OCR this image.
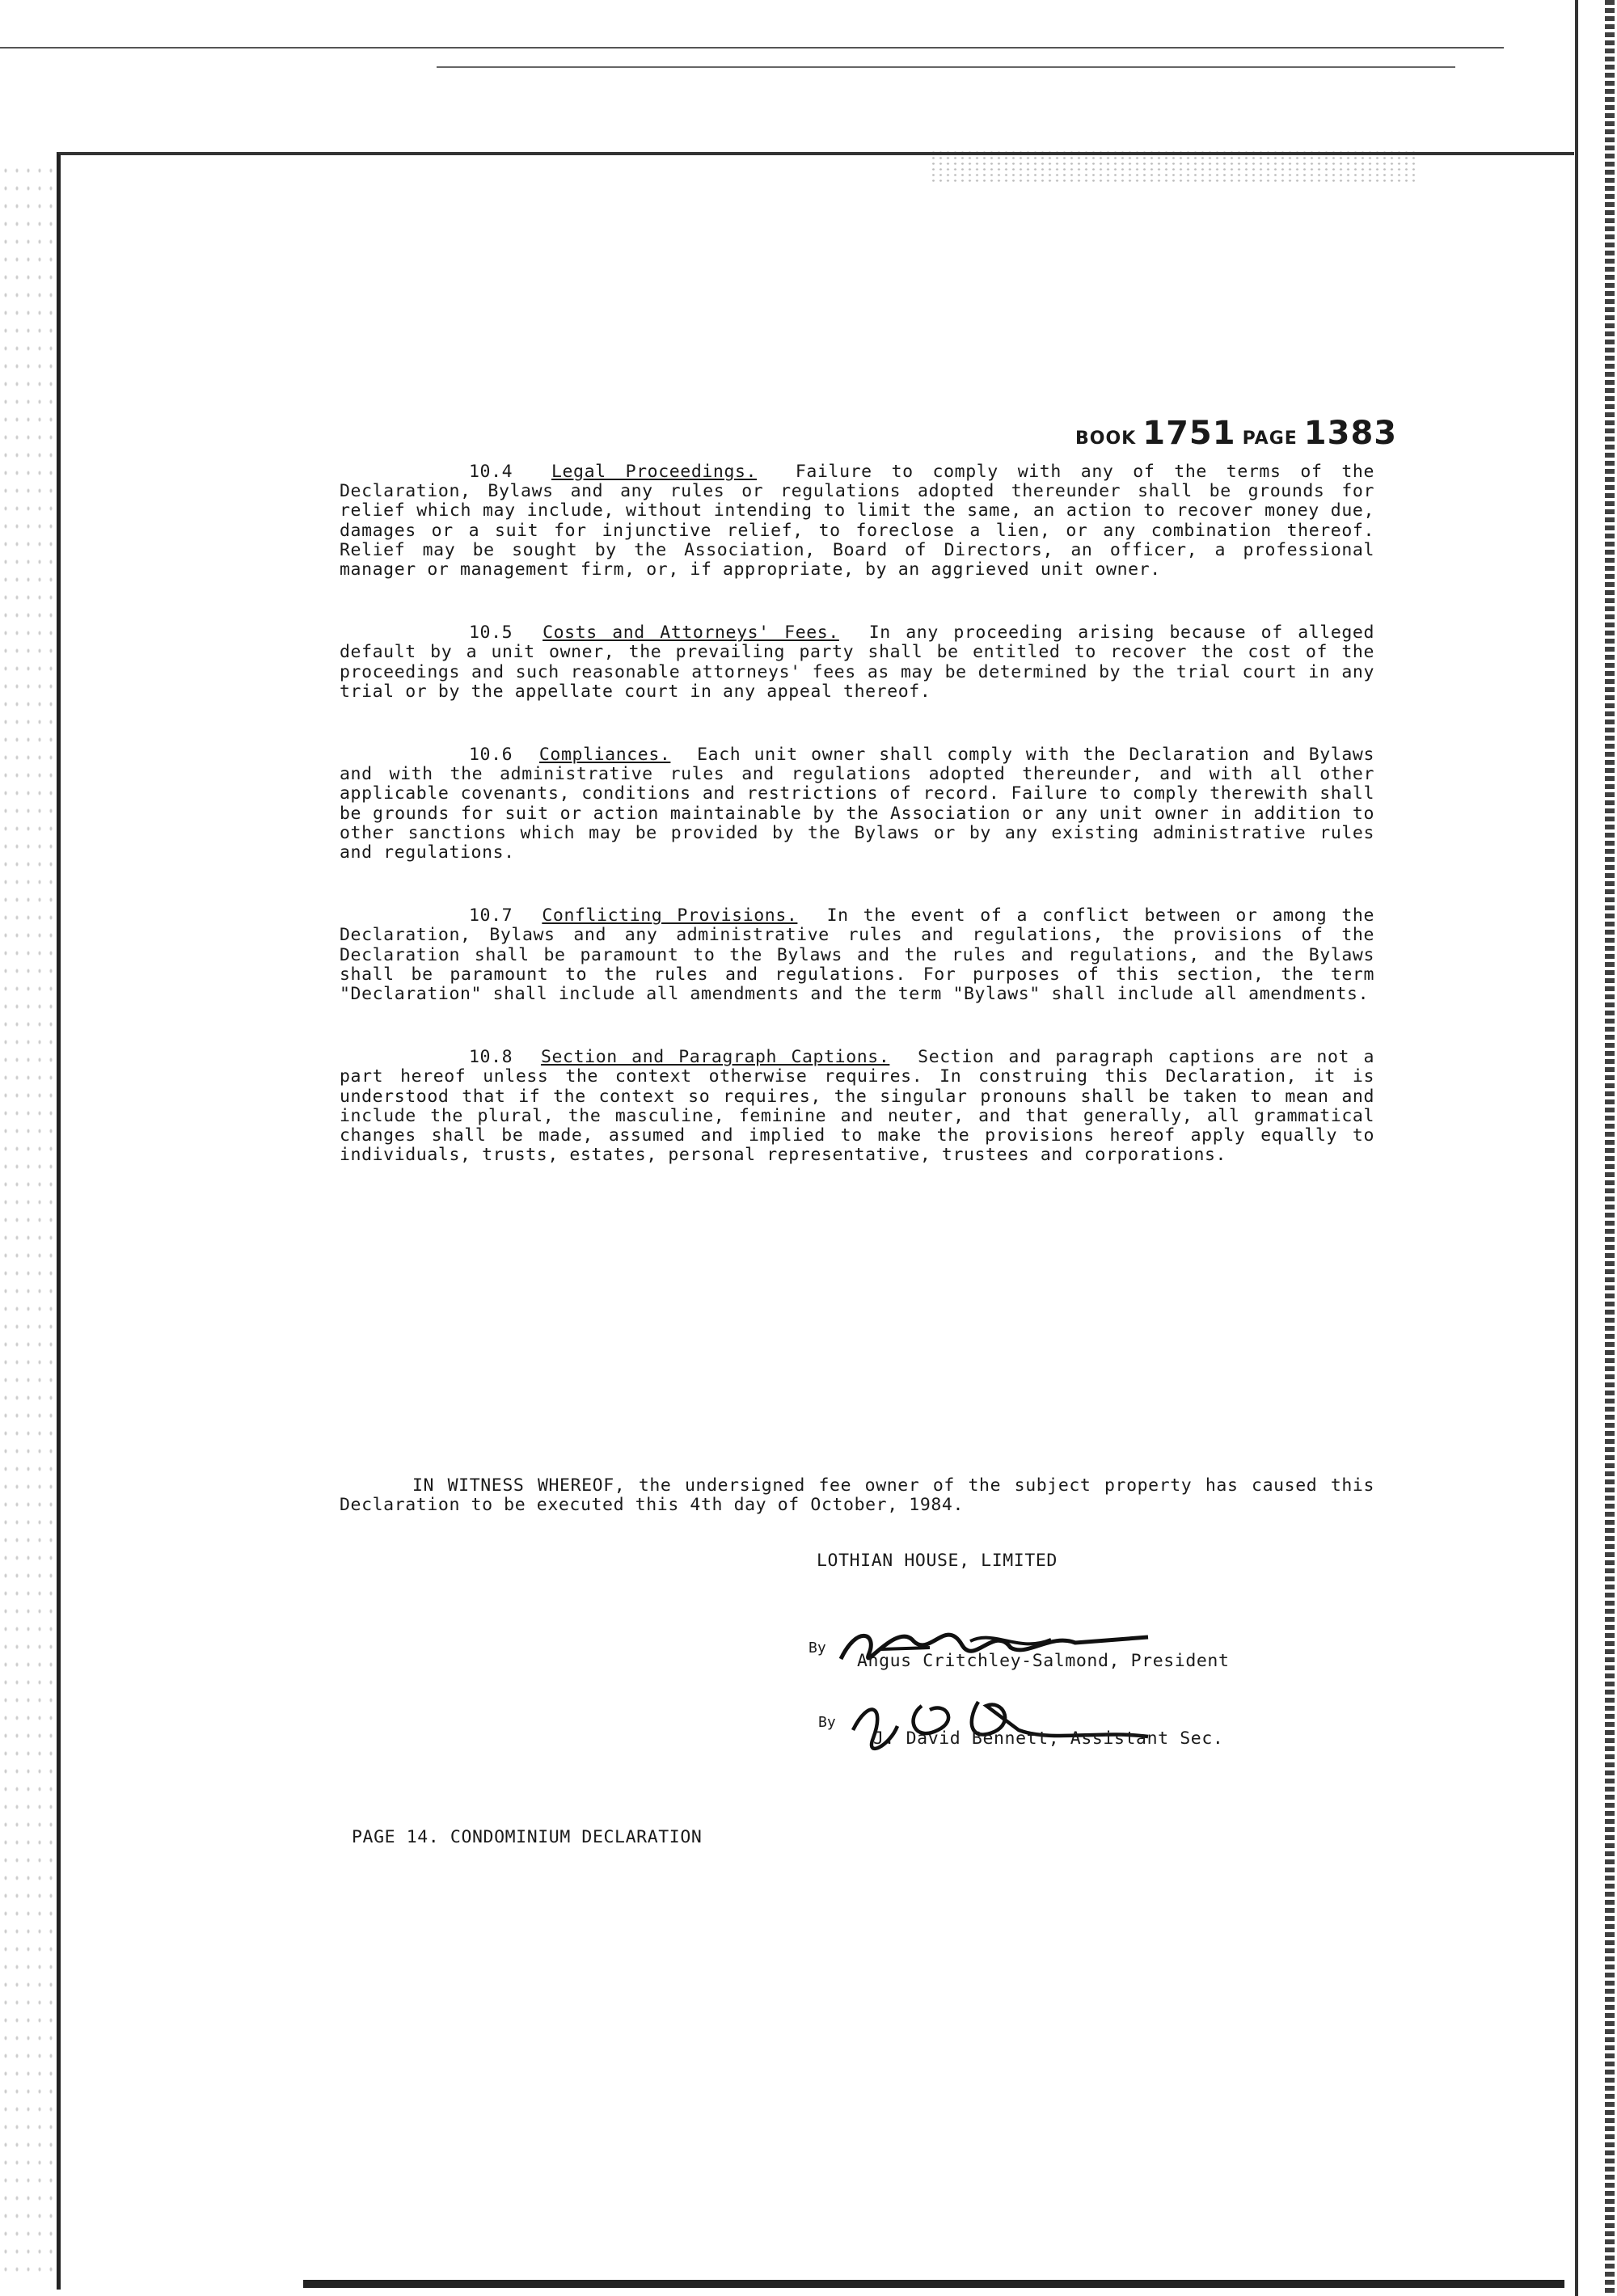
BOOK 1751 PAGE 1383

10.4 Legal Proceedings. Failure to comply with any of the terms of the Declaration, Bylaws and any rules or regulations adopted thereunder shall be grounds for relief which may include, without intending to limit the same, an action to recover money due, damages or a suit for injunctive relief, to foreclose a lien, or any combination thereof. Relief may be sought by the Association, Board of Directors, an officer, a professional manager or management firm, or, if appropriate, by an aggrieved unit owner.

10.5 Costs and Attorneys' Fees. In any proceeding arising because of alleged default by a unit owner, the prevailing party shall be entitled to recover the cost of the proceedings and such reasonable attorneys' fees as may be determined by the trial court in any trial or by the appellate court in any appeal thereof.

10.6 Compliances. Each unit owner shall comply with the Declaration and Bylaws and with the administrative rules and regulations adopted thereunder, and with all other applicable covenants, conditions and restrictions of record. Failure to comply therewith shall be grounds for suit or action maintainable by the Association or any unit owner in addition to other sanctions which may be provided by the Bylaws or by any existing administrative rules and regulations.

10.7 Conflicting Provisions. In the event of a conflict between or among the Declaration, Bylaws and any administrative rules and regulations, the provisions of the Declaration shall be paramount to the Bylaws and the rules and regulations, and the Bylaws shall be paramount to the rules and regulations. For purposes of this section, the term "Declaration" shall include all amendments and the term "Bylaws" shall include all amendments.

10.8 Section and Paragraph Captions. Section and paragraph captions are not a part hereof unless the context otherwise requires. In construing this Declaration, it is understood that if the context so requires, the singular pronouns shall be taken to mean and include the plural, the masculine, feminine and neuter, and that generally, all grammatical changes shall be made, assumed and implied to make the provisions hereof apply equally to individuals, trusts, estates, personal representative, trustees and corporations.

IN WITNESS WHEREOF, the undersigned fee owner of the subject property has caused this Declaration to be executed this 4th day of October, 1984.

LOTHIAN HOUSE, LIMITED
By
Angus Critchley-Salmond, President
By
J. David Bennett, Assistant Sec.
PAGE 14. CONDOMINIUM DECLARATION
